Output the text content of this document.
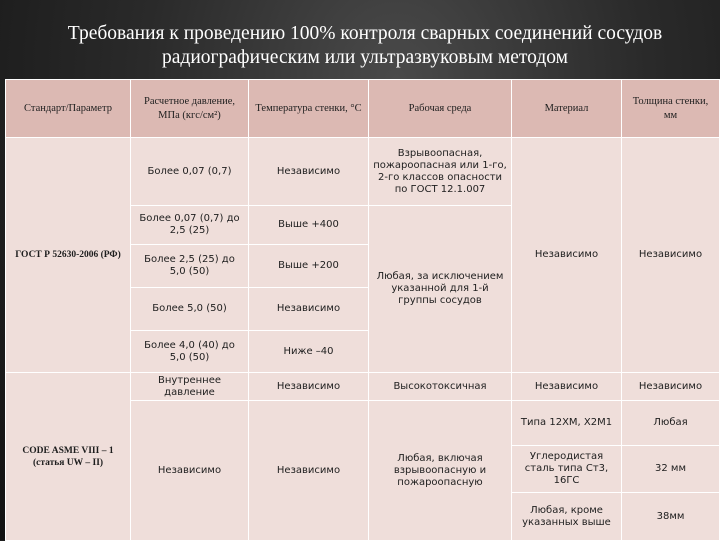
Требования к проведению 100% контроля сварных соединений сосудов
радиографическим или ультразвуковым методом
Стандарт/Параметр	Расчетное давление, МПа (кгс/см²)	Температура стенки, °С	Рабочая среда	Материал	Толщина стенки, мм
ГОСТ Р 52630-2006 (РФ)	Более 0,07 (0,7)	Независимо	Взрывоопасная, пожароопасная или 1-го, 2-го классов опасности по ГОСТ 12.1.007	Независимо	Независимо
	Более 0,07 (0,7) до 2,5 (25)	Выше +400	Любая, за исключением указанной для 1-й группы сосудов		
	Более 2,5 (25) до 5,0 (50)	Выше +200			
	Более 5,0 (50)	Независимо			
	Более 4,0 (40) до 5,0 (50)	Ниже –40			
CODE ASME VIII – 1 (статья UW – II)	Внутреннее давление	Независимо	Высокотоксичная	Независимо	Независимо
	Независимо	Независимо	Любая, включая взрывоопасную и пожароопасную	Типа 12ХМ, Х2М1	Любая
				Углеродистая сталь типа Ст3, 16ГС	32 мм
				Любая, кроме указанных выше	38мм
